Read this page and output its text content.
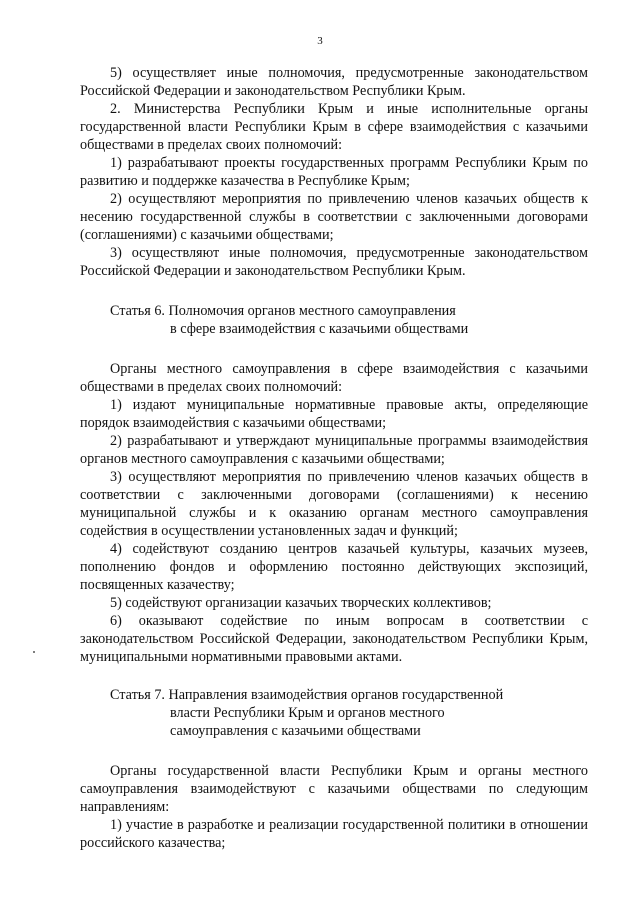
3

5) осуществляет иные полномочия, предусмотренные законодательством Российской Федерации и законодательством Республики Крым.

2. Министерства Республики Крым и иные исполнительные органы государственной власти Республики Крым в сфере взаимодействия с казачьими обществами в пределах своих полномочий:

1) разрабатывают проекты государственных программ Республики Крым по развитию и поддержке казачества в Республике Крым;

2) осуществляют мероприятия по привлечению членов казачьих обществ к несению государственной службы в соответствии с заключенными договорами (соглашениями) с казачьими обществами;

3) осуществляют иные полномочия, предусмотренные законодательством Российской Федерации и законодательством Республики Крым.

Статья 6. Полномочия органов местного самоуправления
в сфере взаимодействия с казачьими обществами

Органы местного самоуправления в сфере взаимодействия с казачьими обществами в пределах своих полномочий:

1) издают муниципальные нормативные правовые акты, определяющие порядок взаимодействия с казачьими обществами;

2) разрабатывают и утверждают муниципальные программы взаимодействия органов местного самоуправления с казачьими обществами;

3) осуществляют мероприятия по привлечению членов казачьих обществ в соответствии с заключенными договорами (соглашениями) к несению муниципальной службы и к оказанию органам местного самоуправления содействия в осуществлении установленных задач и функций;

4) содействуют созданию центров казачьей культуры, казачьих музеев, пополнению фондов и оформлению постоянно действующих экспозиций, посвященных казачеству;

5) содействуют организации казачьих творческих коллективов;

6) оказывают содействие по иным вопросам в соответствии с законодательством Российской Федерации, законодательством Республики Крым, муниципальными нормативными правовыми актами.

Статья 7. Направления взаимодействия органов государственной
власти Республики Крым и органов местного
самоуправления с казачьими обществами

Органы государственной власти Республики Крым и органы местного самоуправления взаимодействуют с казачьими обществами по следующим направлениям:

1) участие в разработке и реализации государственной политики в отношении российского казачества;
